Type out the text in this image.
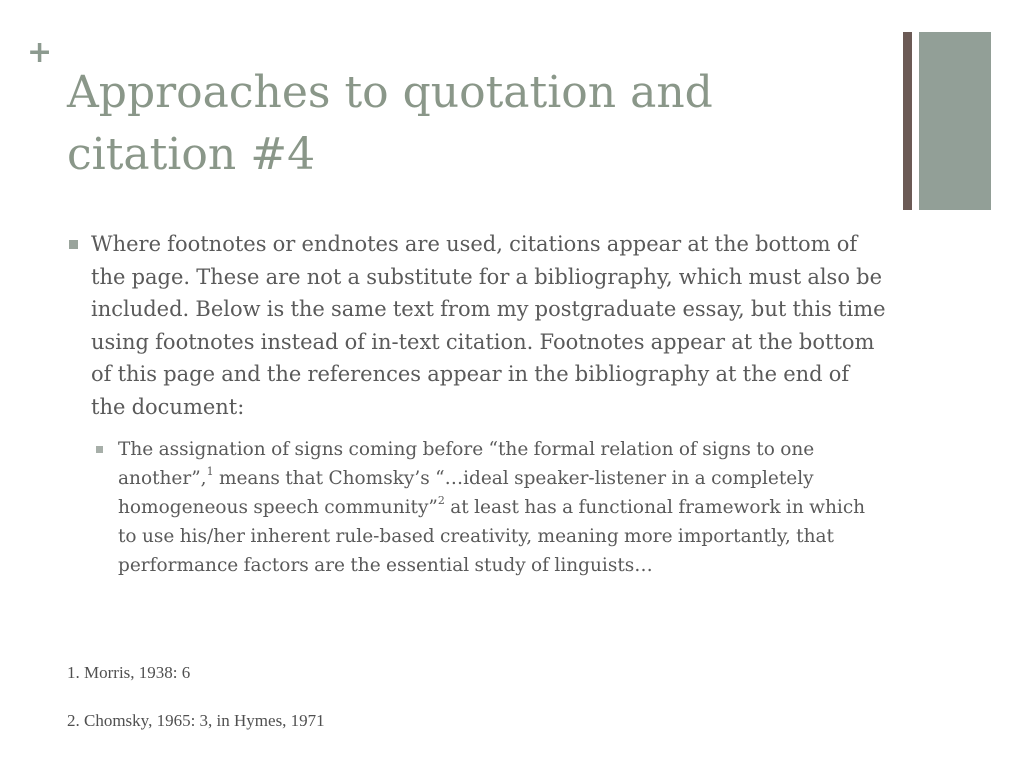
+
Approaches to quotation and citation #4
Where footnotes or endnotes are used, citations appear at the bottom of the page. These are not a substitute for a bibliography, which must also be included. Below is the same text from my postgraduate essay, but this time using footnotes instead of in-text citation. Footnotes appear at the bottom of this page and the references appear in the bibliography at the end of the document:
The assignation of signs coming before “the formal relation of signs to one another”,$^1$ means that Chomsky’s “…ideal speaker-listener in a completely homogeneous speech community”$^2$ at least has a functional framework in which to use his/her inherent rule-based creativity, meaning more importantly, that performance factors are the essential study of linguists…
1. Morris, 1938: 6
2. Chomsky, 1965: 3, in Hymes, 1971
